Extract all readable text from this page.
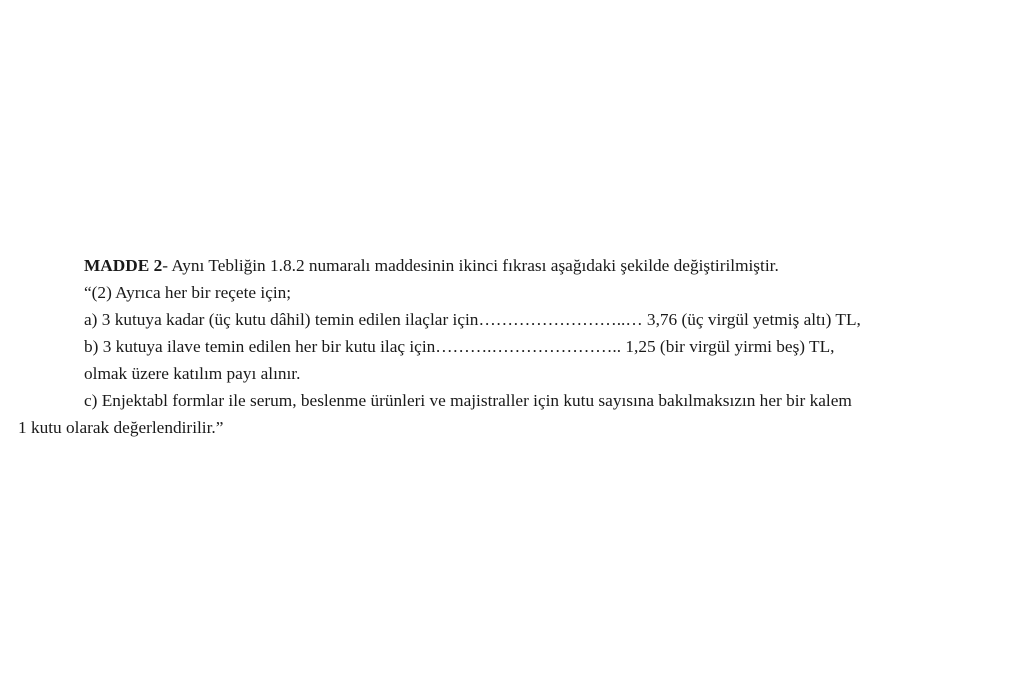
MADDE 2- Aynı Tebliğin 1.8.2 numaralı maddesinin ikinci fıkrası aşağıdaki şekilde değiştirilmiştir.
“(2) Ayrıca her bir reçete için;
a) 3 kutuya kadar (üç kutu dâhil) temin edilen ilaçlar için……………………..… 3,76 (üç virgül yetmiş altı) TL,
b) 3 kutuya ilave temin edilen her bir kutu ilaç için……….………………….. 1,25 (bir virgül yirmi beş) TL,
olmak üzere katılım payı alınır.
c) Enjektabl formlar ile serum, beslenme ürünleri ve majistraller için kutu sayısına bakılmaksızın her bir kalem
1 kutu olarak değerlendirilir.”
